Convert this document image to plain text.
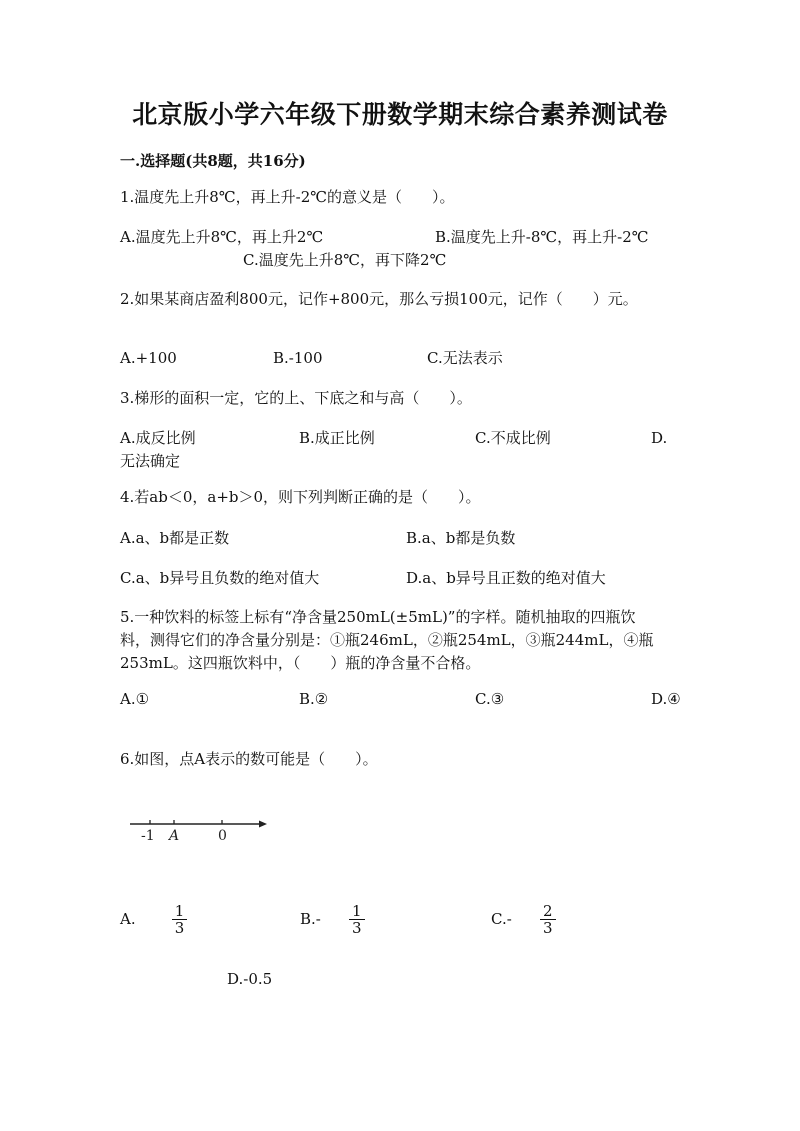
北京版小学六年级下册数学期末综合素养测试卷
一.选择题(共8题，共16分)
1.温度先上升8℃，再上升-2℃的意义是（　　）。
A.温度先上升8℃，再上升2℃	B.温度先上升-8℃，再上升-2℃
C.温度先上升8℃，再下降2℃
2.如果某商店盈利800元，记作+800元，那么亏损100元，记作（　　）元。
A.+100	B.-100	C.无法表示
3.梯形的面积一定，它的上、下底之和与高（　　）。
A.成反比例	B.成正比例	C.不成比例	D.无法确定
4.若ab＜0，a+b＞0，则下列判断正确的是（　　）。
A.a、b都是正数	B.a、b都是负数
C.a、b异号且负数的绝对值大	D.a、b异号且正数的绝对值大
5.一种饮料的标签上标有“净含量250mL(±5mL)”的字样。随机抽取的四瓶饮料，测得它们的净含量分别是：①瓶246mL，②瓶254mL，③瓶244mL，④瓶253mL。这四瓶饮料中，（　　）瓶的净含量不合格。
A.①	B.②	C.③	D.④
6.如图，点A表示的数可能是（　　）。
-1 A	0
A. $\frac{1}{3}$	$B.- \frac{1}{3}$	$C.- \frac{2}{3}$
D.-0.5
